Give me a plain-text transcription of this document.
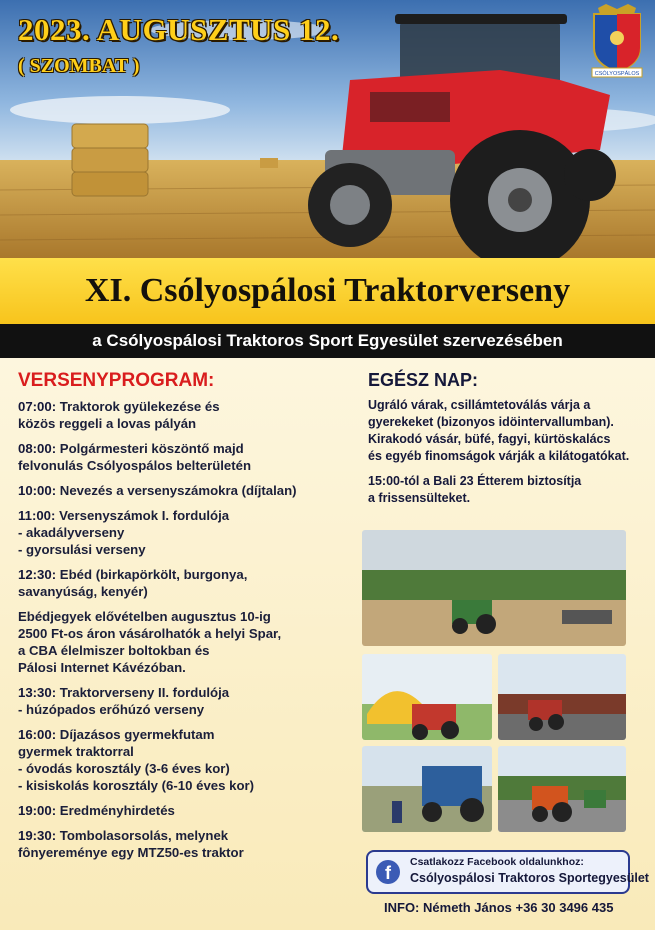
2023. AUGUSZTUS 12.
( SZOMBAT )	CSÓLYOSPÁLOS
XI. Csólyospálosi Traktorverseny
a Csólyospálosi Traktoros Sport Egyesület szervezésében
VERSENYPROGRAM:
07:00: Traktorok gyülekezése és
közös reggeli a lovas pályán
08:00: Polgármesteri köszöntő majd
felvonulás Csólyospálos belterületén
10:00: Nevezés a versenyszámokra (díjtalan)
11:00: Versenyszámok I. fordulója
- akadályverseny
- gyorsulási verseny
12:30: Ebéd (birkapörkölt, burgonya,
savanyúság, kenyér)
Ebédjegyek elővételben augusztus 10-ig
2500 Ft-os áron vásárolhatók a helyi Spar,
a CBA élelmiszer boltokban és
Pálosi Internet Kávézóban.
13:30: Traktorverseny II. fordulója
- húzópados erőhúzó verseny
16:00: Díjazásos gyermekfutam
gyermek traktorral
- óvodás korosztály (3-6 éves kor)
- kisiskolás korosztály (6-10 éves kor)
19:00: Eredményhirdetés
19:30: Tombolasorsolás, melynek
fônyereménye egy MTZ50-es traktor
EGÉSZ NAP:
Ugráló várak, csillámtetoválás várja a
gyerekeket (bizonyos idöintervallumban).
Kirakodó vásár, büfé, fagyi, kürtöskalács
és egyéb finomságok várják a kilátogatókat.
15:00-tól a Bali 23 Étterem biztosítja
a frissensülteket.
f
Csatlakozz Facebook oldalunkhoz:
Csólyospálosi Traktoros Sportegyesület
INFO: Németh János +36 30 3496 435
